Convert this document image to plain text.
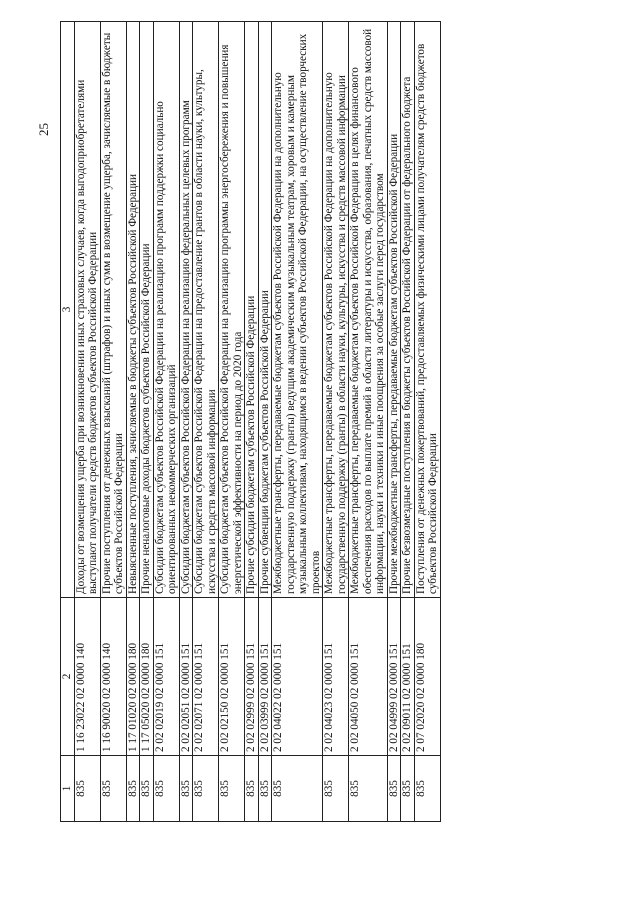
25
1	2	3
835	1 16 23022 02 0000 140	Доходы от возмещения ущерба при возникновении иных страховых случаев, когда выгодоприобретателями выступают получатели средств бюджетов субъектов Российской Федерации
835	1 16 90020 02 0000 140	Прочие поступления от денежных взысканий (штрафов) и иных сумм в возмещение ущерба, зачисляемые в бюджеты субъектов Российской Федерации
835	1 17 01020 02 0000 180	Невыясненные поступления, зачисляемые в бюджеты субъектов Российской Федерации
835	1 17 05020 02 0000 180	Прочие неналоговые доходы бюджетов субъектов Российской Федерации
835	2 02 02019 02 0000 151	Субсидии бюджетам субъектов Российской Федерации на реализацию программ поддержки социально ориентированных некоммерческих организаций
835	2 02 02051 02 0000 151	Субсидии бюджетам субъектов Российской Федерации на реализацию федеральных целевых программ
835	2 02 02071 02 0000 151	Субсидии бюджетам субъектов Российской Федерации на предоставление грантов в области науки, культуры, искусства и средств массовой информации
835	2 02 02150 02 0000 151	Субсидии бюджетам субъектов Российской Федерации на реализацию программы энергосбережения и повышения энергетической эффективности на период до 2020 года
835	2 02 02999 02 0000 151	Прочие субсидии бюджетам субъектов Российской Федерации
835	2 02 03999 02 0000 151	Прочие субвенции бюджетам субъектов Российской Федерации
835	2 02 04022 02 0000 151	Межбюджетные трансферты, передаваемые бюджетам субъектов Российской Федерации на дополнительную государственную поддержку (гранты) ведущим академическим музыкальным театрам, хоровым и камерным музыкальным коллективам, находящимся в ведении субъектов Российской Федерации, на осуществление творческих проектов
835	2 02 04023 02 0000 151	Межбюджетные трансферты, передаваемые бюджетам субъектов Российской Федерации на дополнительную государственную поддержку (гранты) в области науки, культуры, искусства и средств массовой информации
835	2 02 04050 02 0000 151	Межбюджетные трансферты, передаваемые бюджетам субъектов Российской Федерации в целях финансового обеспечения расходов по выплате премий в области литературы и искусства, образования, печатных средств массовой информации, науки и техники и иные поощрения за особые заслуги перед государством
835	2 02 04999 02 0000 151	Прочие межбюджетные трансферты, передаваемые бюджетам субъектов Российской Федерации
835	2 02 09011 02 0000 151	Прочие безвозмездные поступления в бюджеты субъектов Российской Федерации от федерального бюджета
835	2 07 02020 02 0000 180	Поступления от денежных пожертвований, предоставляемых физическими лицами получателям средств бюджетов субъектов Российской Федерации
